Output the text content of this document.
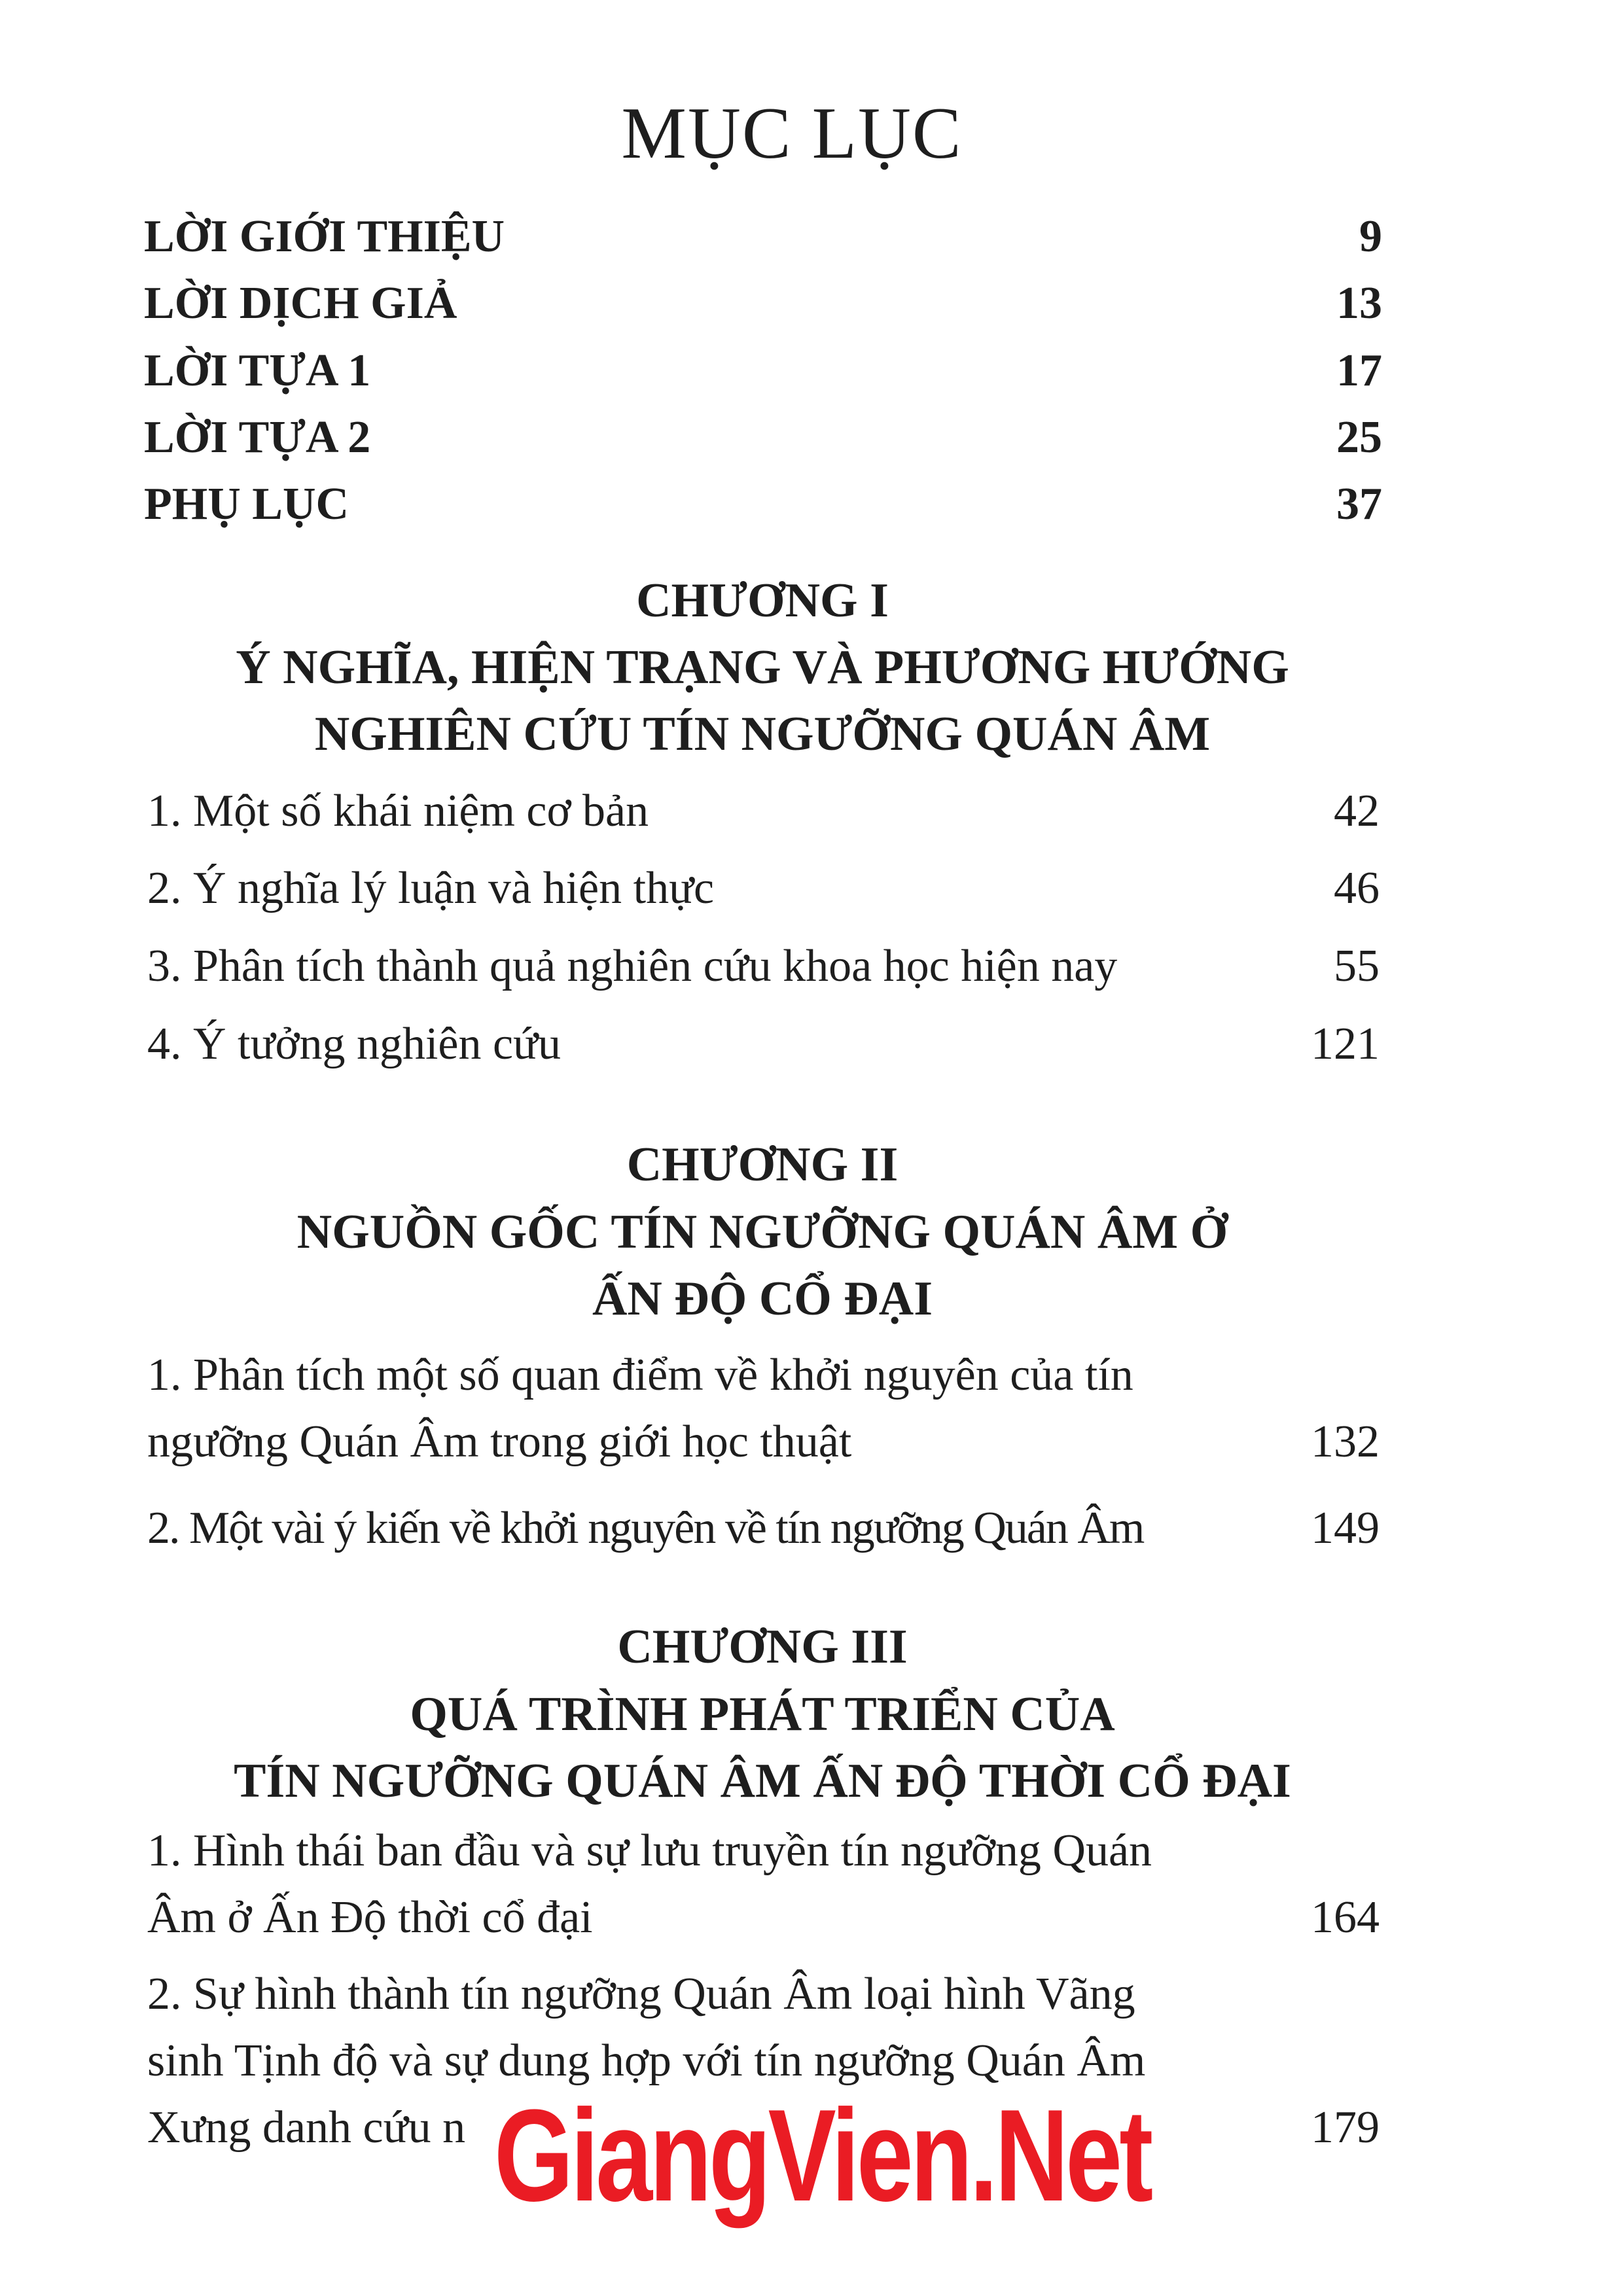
MỤC LỤC
LỜI GIỚI THIỆU	9
LỜI DỊCH GIẢ	13
LỜI TỰA 1	17
LỜI TỰA 2	25
PHỤ LỤC	37
CHƯƠNG I
Ý NGHĨA, HIỆN TRẠNG VÀ PHƯƠNG HƯỚNG
NGHIÊN CỨU TÍN NGƯỠNG QUÁN ÂM
1. Một số khái niệm cơ bản	42
2. Ý nghĩa lý luận và hiện thực	46
3. Phân tích thành quả nghiên cứu khoa học hiện nay	55
4. Ý tưởng nghiên cứu	121
CHƯƠNG II
NGUỒN GỐC TÍN NGƯỠNG QUÁN ÂM Ở
ẤN ĐỘ CỔ ĐẠI
1. Phân tích một số quan điểm về khởi nguyên của tín
ngưỡng Quán Âm trong giới học thuật	132
2. Một vài ý kiến về khởi nguyên về tín ngưỡng Quán Âm	149
CHƯƠNG III
QUÁ TRÌNH PHÁT TRIỂN CỦA
TÍN NGƯỠNG QUÁN ÂM ẤN ĐỘ THỜI CỔ ĐẠI
1. Hình thái ban đầu và sự lưu truyền tín ngưỡng Quán
Âm ở Ấn Độ thời cổ đại	164
2. Sự hình thành tín ngưỡng Quán Âm loại hình Vãng
sinh Tịnh độ và sự dung hợp với tín ngưỡng Quán Âm
Xưng danh cứu n	179
GiangVien.Net
